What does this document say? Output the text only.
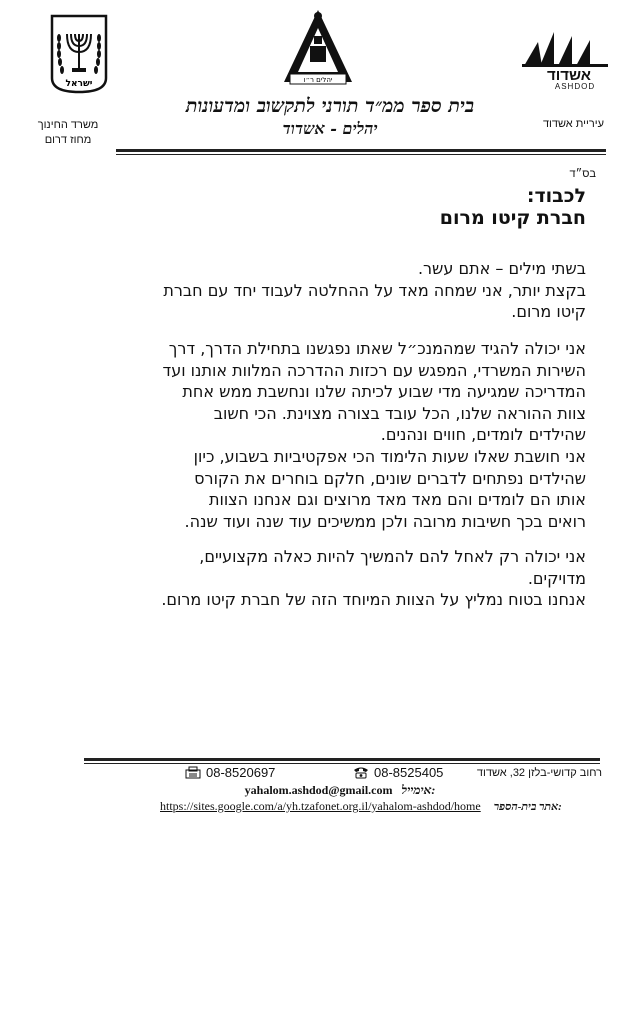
ישראל	יהלים ר״ו	אשדוד
ASHDOD
משרד החינוך
מחוז דרום
עיריית אשדוד
בית ספר ממ״ד תורני לתקשוב ומדעונות
יהלים - אשדוד
בס״ד
לכבוד:
חברת קיטו מרום
בשתי מילים – אתם עשר.
בקצת יותר, אני שמחה מאד על ההחלטה לעבוד יחד עם חברת
קיטו מרום.
אני יכולה להגיד שמהמנכ״ל שאתו נפגשנו בתחילת הדרך, דרך
השירות המשרדי, המפגש עם רכזות ההדרכה המלוות אותנו ועד
המדריכה שמגיעה מדי שבוע לכיתה שלנו ונחשבת ממש אחת
צוות ההוראה שלנו, הכל עובד בצורה מצוינת. הכי חשוב
שהילדים לומדים, חווים ונהנים.
אני חושבת שאלו שעות הלימוד הכי אפקטיביות בשבוע, כיון
שהילדים נפתחים לדברים שונים, חלקם בוחרים את הקורס
אותו הם לומדים והם מאד מאד מרוצים וגם אנחנו הצוות
רואים בכך חשיבות מרובה ולכן ממשיכים עוד שנה ועוד שנה.
אני יכולה רק לאחל להם להמשיך להיות כאלה מקצועיים,
מדויקים.
אנחנו בטוח נמליץ על הצוות המיוחד הזה של חברת קיטו מרום.
רחוב קדושי-בלזן 32, אשדוד
08-8525405
08-8520697
yahalom.ashdod@gmail.com אימייל:
https://sites.google.com/a/yh.tzafonet.org.il/yahalom-ashdod/home אתר בית-הספר:
